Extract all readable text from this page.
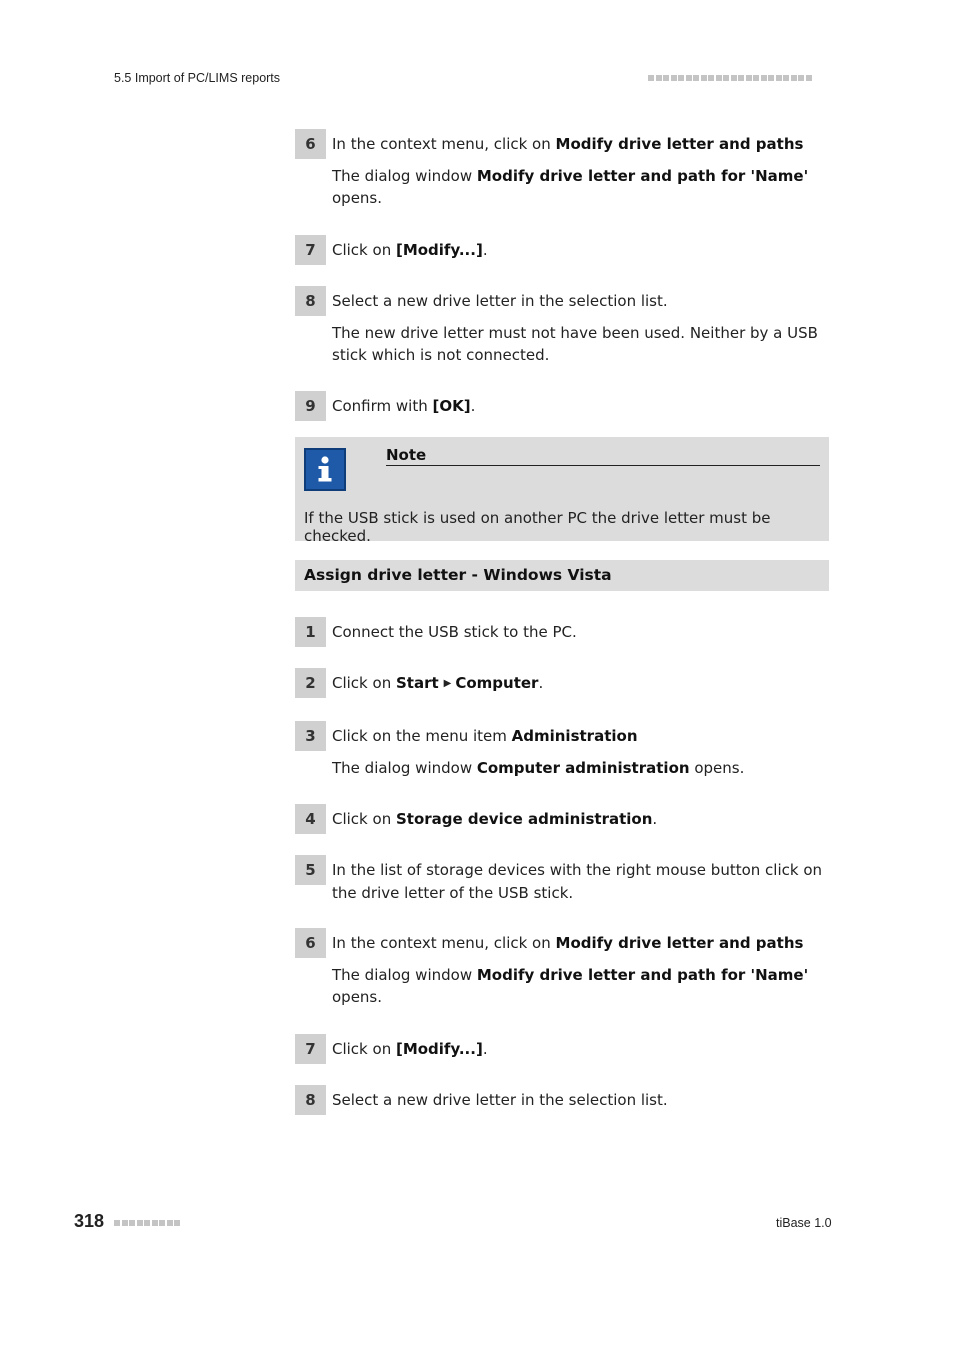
5.5 Import of PC/LIMS reports
6	In the context menu, click on Modify drive letter and paths

The dialog window Modify drive letter and path for 'Name' opens.

7	Click on [Modify...].

8	Select a new drive letter in the selection list.

The new drive letter must not have been used. Neither by a USB stick which is not connected.

9	Confirm with [OK].

Note
If the USB stick is used on another PC the drive letter must be checked.
Assign drive letter - Windows Vista
1	Connect the USB stick to the PC.

2	Click on Start ▶ Computer.

3	Click on the menu item Administration

The dialog window Computer administration opens.

4	Click on Storage device administration.

5	In the list of storage devices with the right mouse button click on the drive letter of the USB stick.

6	In the context menu, click on Modify drive letter and paths

The dialog window Modify drive letter and path for 'Name' opens.

7	Click on [Modify...].

8	Select a new drive letter in the selection list.

318	tiBase 1.0
